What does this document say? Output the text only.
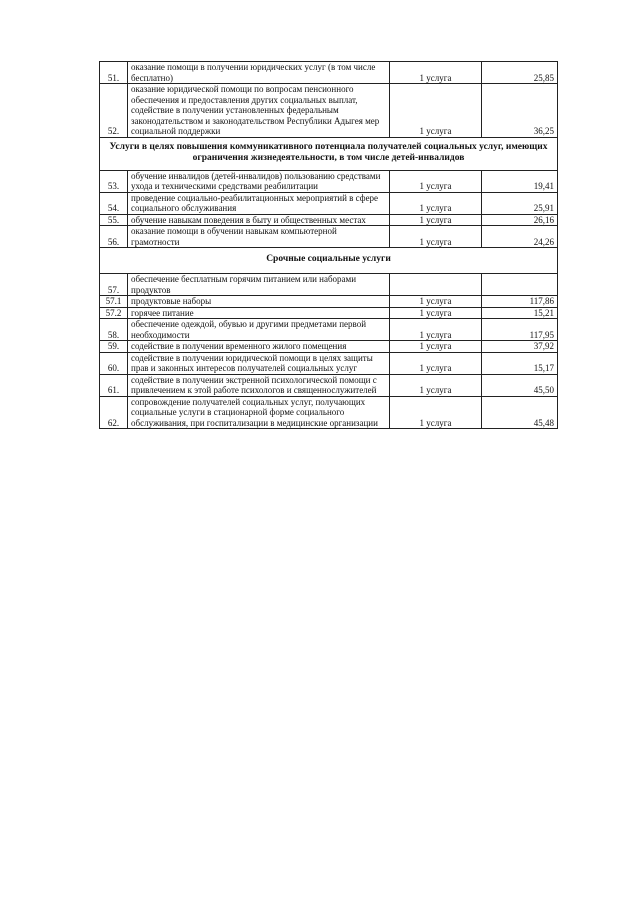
51.	оказание помощи в получении юридических услуг (в том числе бесплатно)	1 услуга	25,85
52.	оказание юридической помощи по вопросам пенсионного обеспечения и предоставления других социальных выплат, содействие в получении установленных федеральным законодательством и законодательством Республики Адыгея мер социальной поддержки	1 услуга	36,25
Услуги в целях повышения коммуникативного потенциала получателей социальных услуг, имеющих ограничения жизнедеятельности, в том числе детей-инвалидов			
53.	обучение инвалидов (детей-инвалидов) пользованию средствами ухода и техническими средствами реабилитации	1 услуга	19,41
54.	проведение социально-реабилитационных мероприятий в сфере социального обслуживания	1 услуга	25,91
55.	обучение навыкам поведения в быту и общественных местах	1 услуга	26,16
56.	оказание помощи в обучении навыкам компьютерной грамотности	1 услуга	24,26
Срочные социальные услуги			
57.	обеспечение бесплатным горячим питанием или наборами продуктов		
57.1	продуктовые наборы	1 услуга	117,86
57.2	горячее питание	1 услуга	15,21
58.	обеспечение одеждой, обувью и другими предметами первой необходимости	1 услуга	117,95
59.	содействие в получении временного жилого помещения	1 услуга	37,92
60.	содействие в получении юридической помощи в целях защиты прав и законных интересов получателей социальных услуг	1 услуга	15,17
61.	содействие в получении экстренной психологической помощи с привлечением к этой работе психологов и священнослужителей	1 услуга	45,50
62.	сопровождение получателей социальных услуг, получающих социальные услуги в стационарной форме социального обслуживания, при госпитализации в медицинские организации	1 услуга	45,48
